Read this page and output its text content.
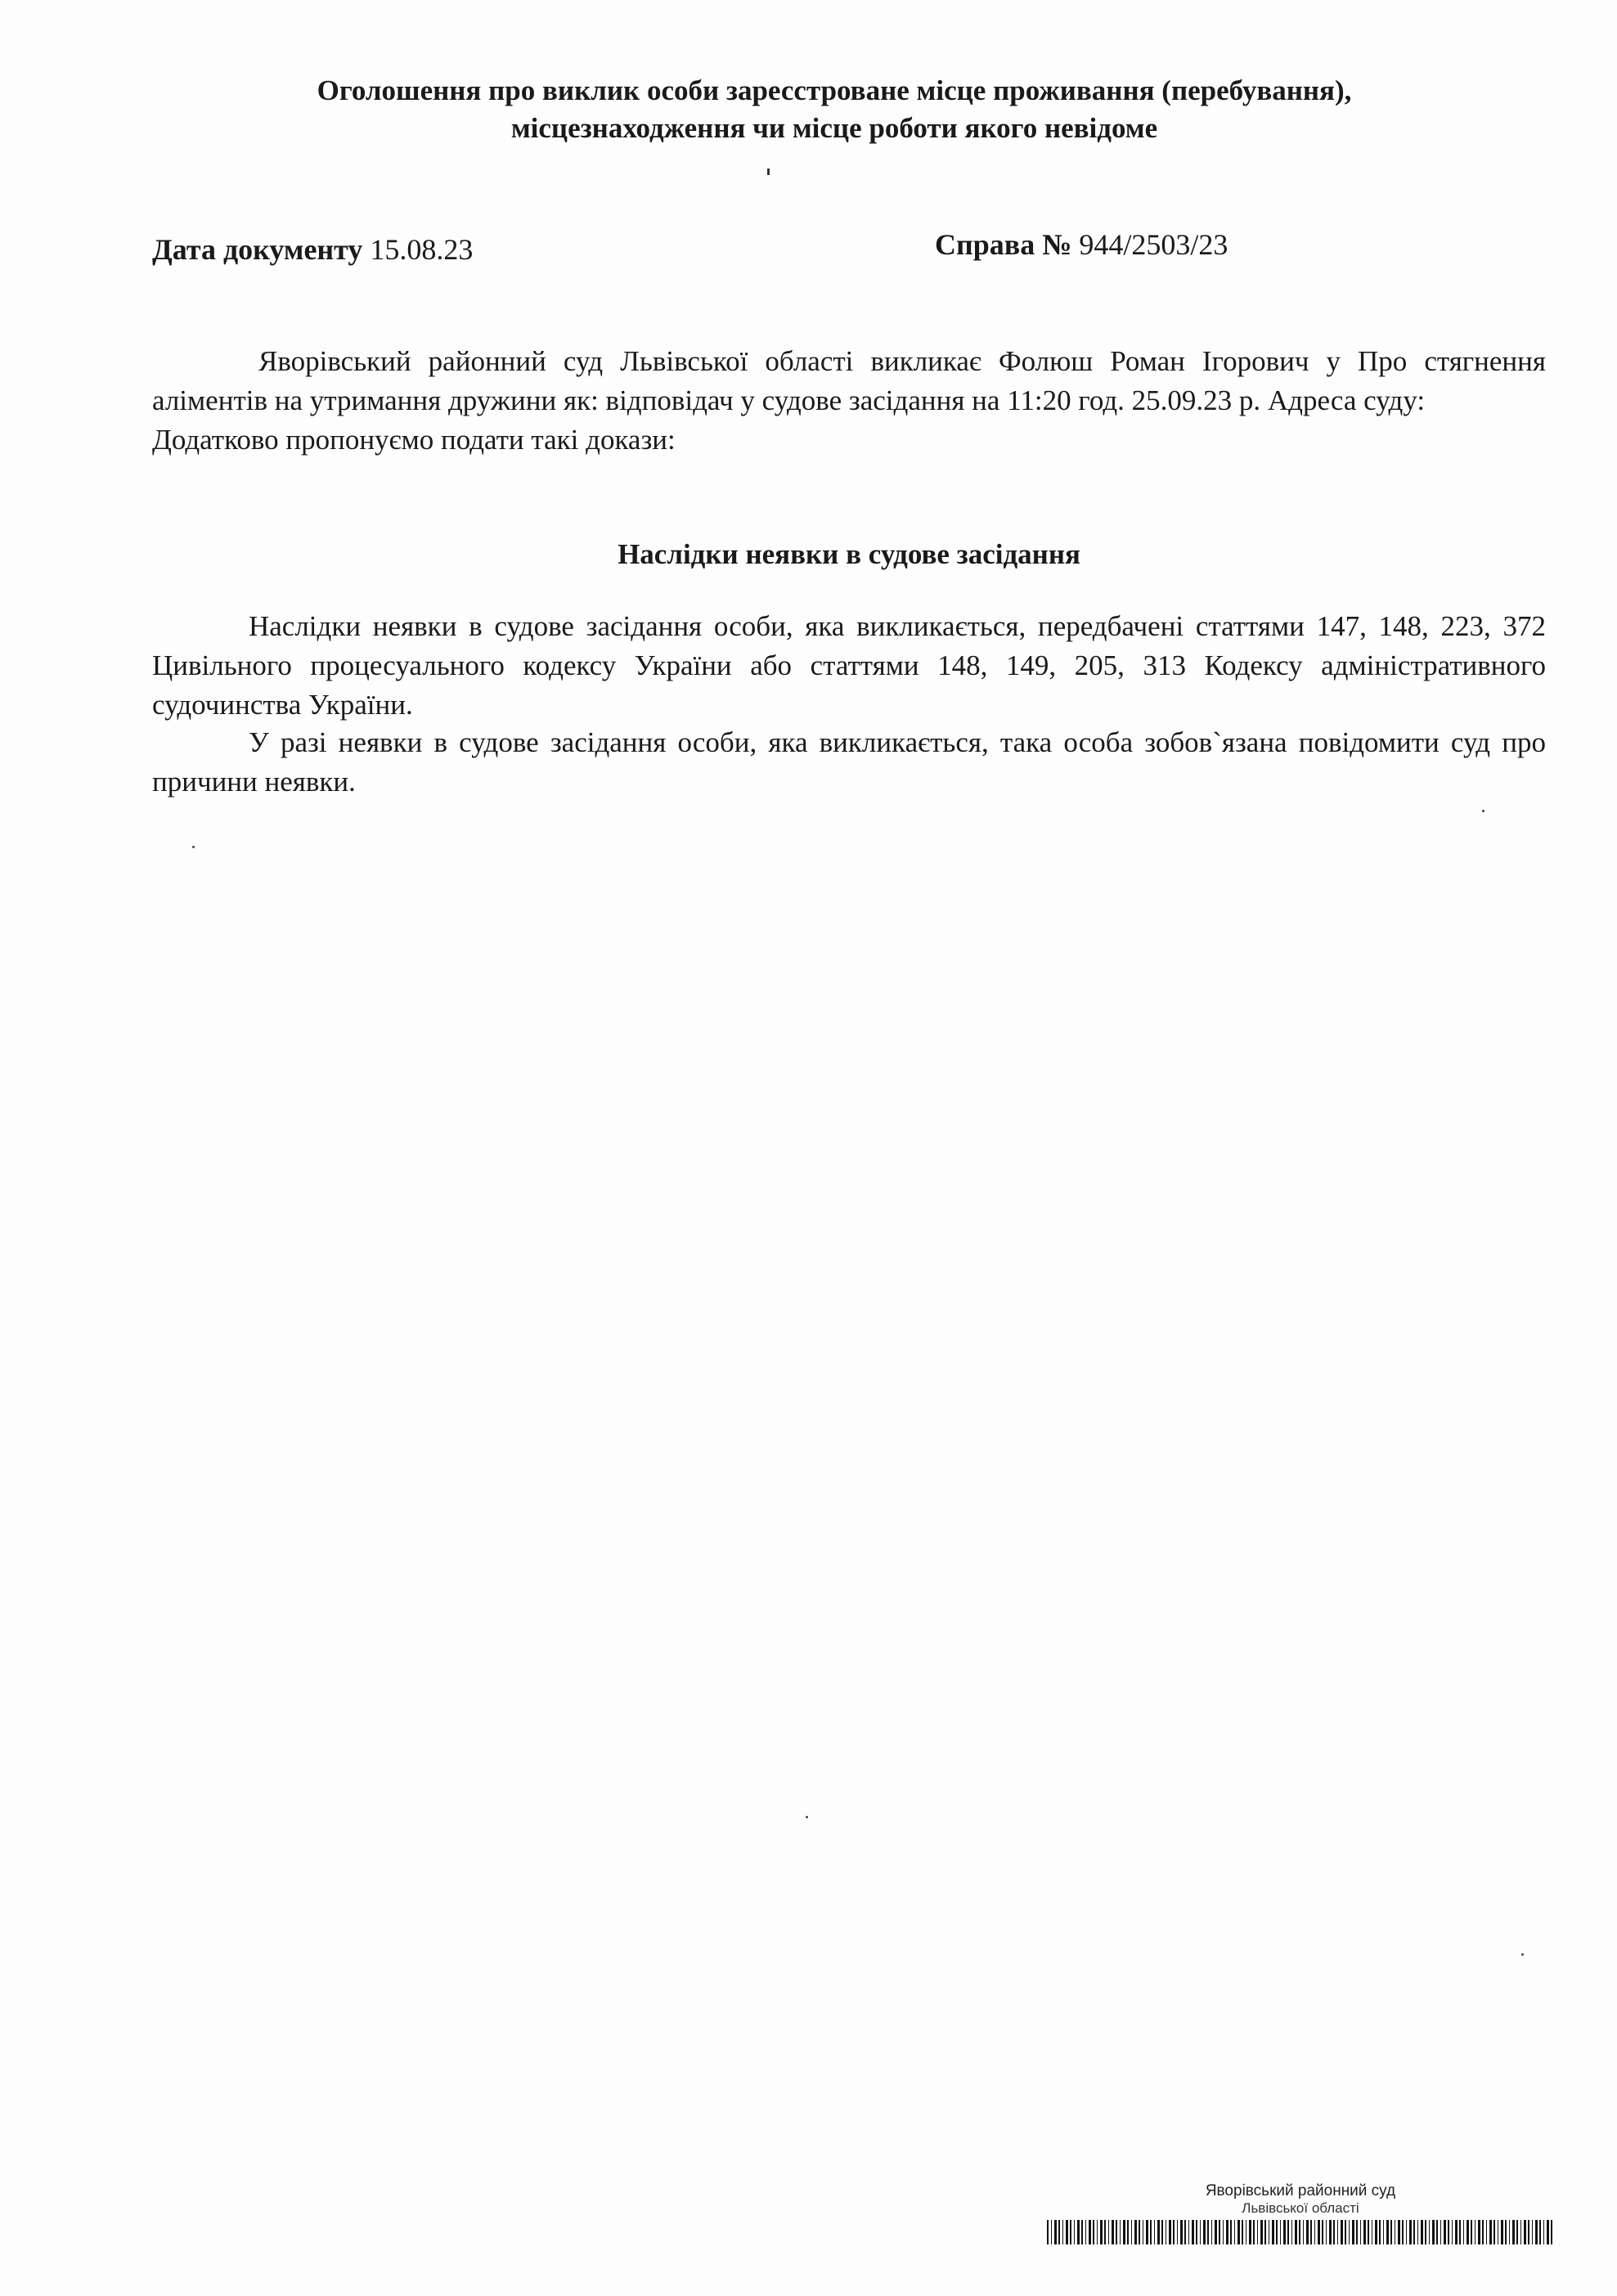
Оголошення про виклик особи заресстроване місце проживання (перебування),
місцезнаходження чи місце роботи якого невідоме
Дата документу 15.08.23	Справа № 944/2503/23
Яворівський районний суд Львівської області викликає Фолюш Роман Ігорович у Про стягнення аліментів на утримання дружини як: відповідач у судове засідання на 11:20 год. 25.09.23 р. Адреса суду:
Додатково пропонуємо подати такі докази:
Наслідки неявки в судове засідання

Наслідки неявки в судове засідання особи, яка викликається, передбачені статтями 147, 148, 223, 372 Цивільного процесуального кодексу України або статтями 148, 149, 205, 313 Кодексу адміністративного судочинства України.

У разі неявки в судове засідання особи, яка викликається, така особа зобов`язана повідомити суд про причини неявки.

Яворівський районний суд
Львівської області
